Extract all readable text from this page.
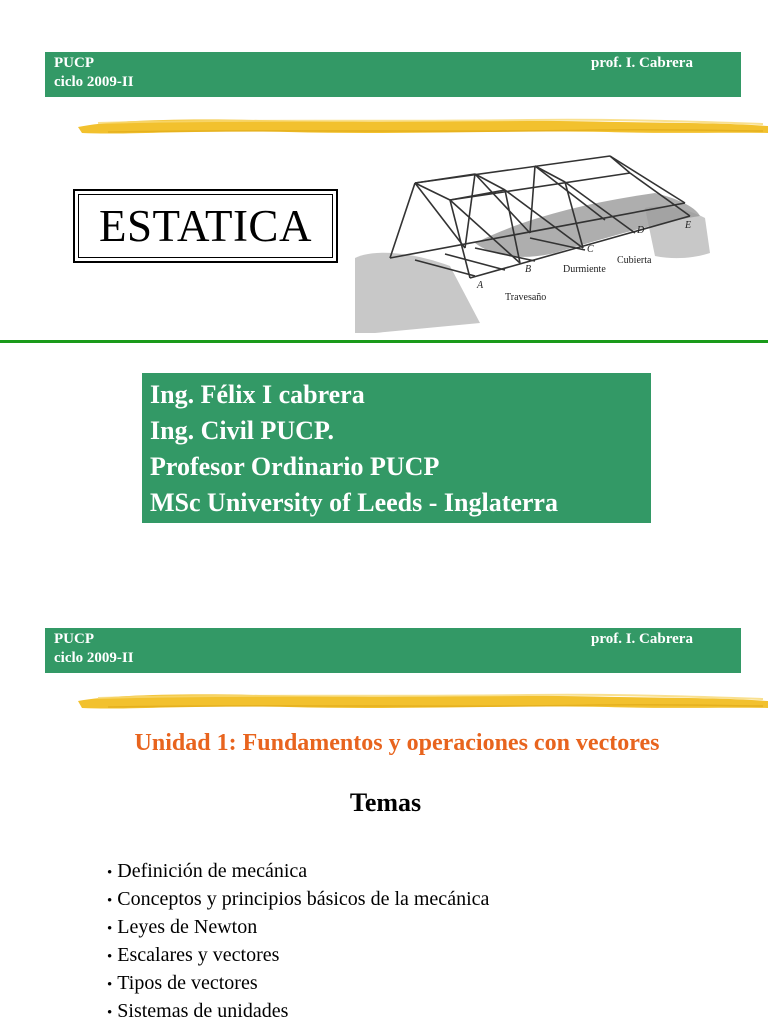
PUCP
ciclo 2009-II
prof. I. Cabrera
ESTATICA
A
B
C
D	E
Travesaño
Durmiente
Cubierta
Ing. Félix I cabrera
Ing. Civil PUCP.
Profesor Ordinario PUCP
MSc University of Leeds - Inglaterra
PUCP
ciclo 2009-II
prof. I. Cabrera
Unidad 1: Fundamentos y operaciones con vectores
Temas
• Definición de mecánica
• Conceptos y principios básicos de la mecánica
• Leyes de Newton
• Escalares y vectores
• Tipos de vectores
• Sistemas de unidades
